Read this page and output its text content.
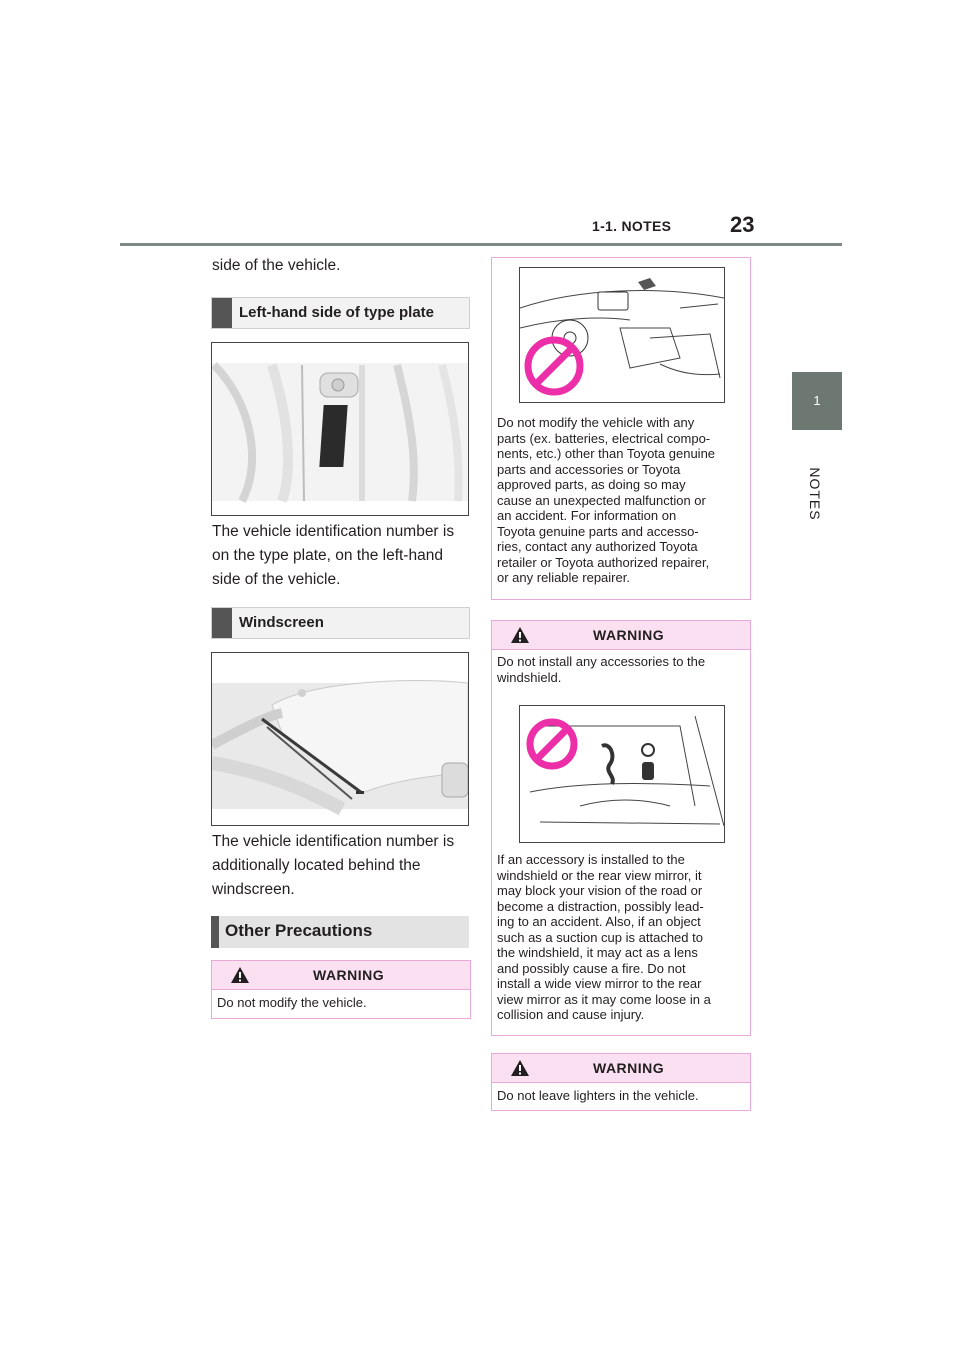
1-1. NOTES	23
1
NOTES
side of the vehicle.
Left-hand side of type plate
The vehicle identification number is
on the type plate, on the left-hand
side of the vehicle.
Windscreen
The vehicle identification number is
additionally located behind the
windscreen.
Other Precautions
WARNING
Do not modify the vehicle.
Do not modify the vehicle with any
parts (ex. batteries, electrical compo-
nents, etc.) other than Toyota genuine
parts and accessories or Toyota
approved parts, as doing so may
cause an unexpected malfunction or
an accident. For information on
Toyota genuine parts and accesso-
ries, contact any authorized Toyota
retailer or Toyota authorized repairer,
or any reliable repairer.
WARNING
Do not install any accessories to the
windshield.
If an accessory is installed to the
windshield or the rear view mirror, it
may block your vision of the road or
become a distraction, possibly lead-
ing to an accident. Also, if an object
such as a suction cup is attached to
the windshield, it may act as a lens
and possibly cause a fire. Do not
install a wide view mirror to the rear
view mirror as it may come loose in a
collision and cause injury.
WARNING
Do not leave lighters in the vehicle.
